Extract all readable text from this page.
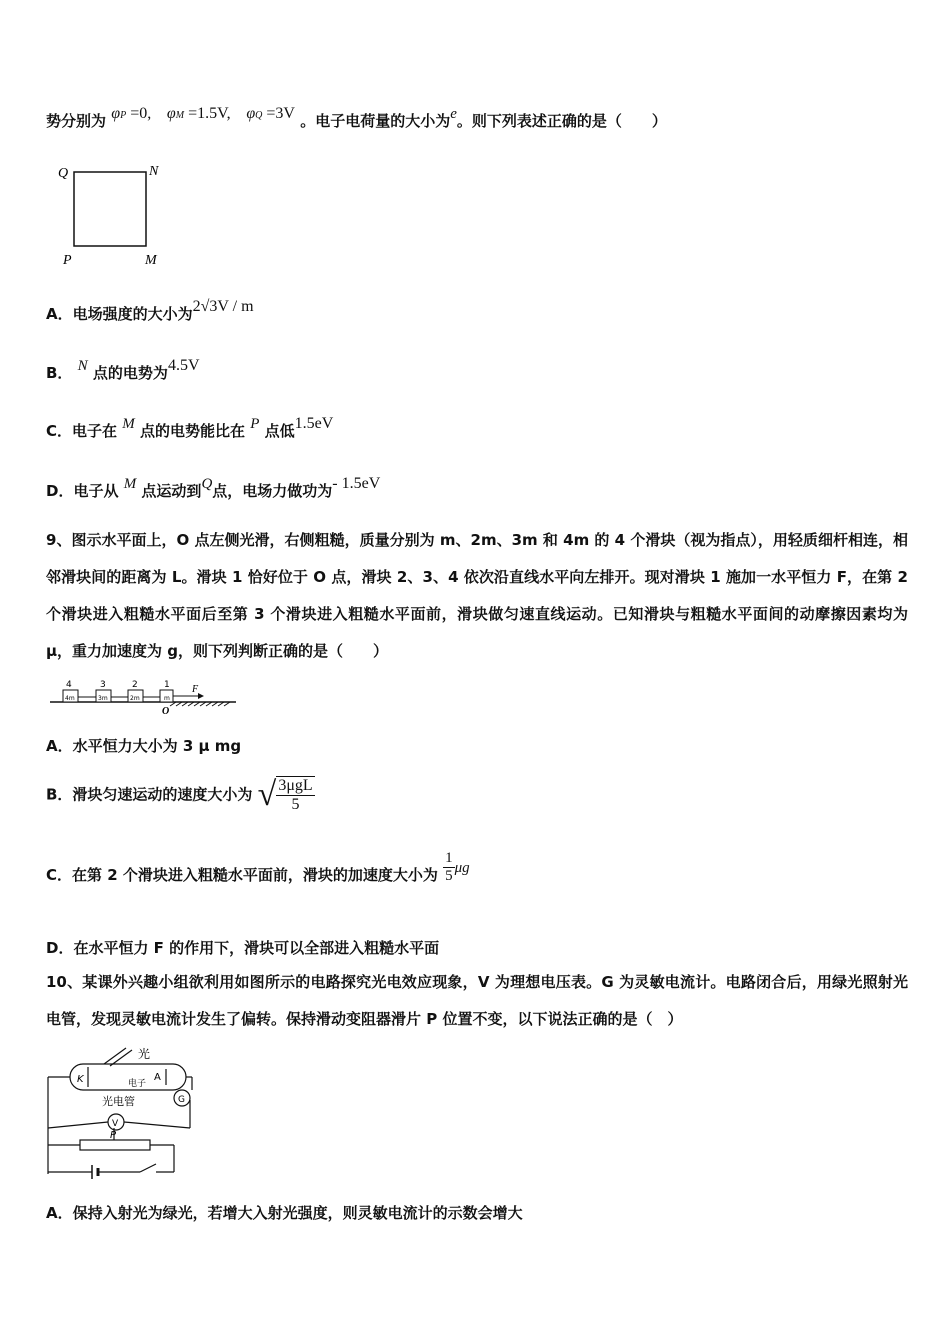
势分别为 φP =0, φM =1.5V, φQ =3V 。电子电荷量的大小为e。则下列表述正确的是（　　）
Q	N
P	M
A．电场强度的大小为2√3V / m
B． N 点的电势为4.5V
C．电子在 M 点的电势能比在 P 点低1.5eV
D．电子从 M 点运动到Q点，电场力做功为- 1.5eV
9、图示水平面上，O 点左侧光滑，右侧粗糙，质量分别为 m、2m、3m 和 4m 的 4 个滑块（视为指点），用轻质细杆相连，相邻滑块间的距离为 L。滑块 1 恰好位于 O 点，滑块 2、3、4 依次沿直线水平向左排开。现对滑块 1 施加一水平恒力 F，在第 2 个滑块进入粗糙水平面后至第 3 个滑块进入粗糙水平面前，滑块做匀速直线运动。已知滑块与粗糙水平面间的动摩擦因素均为 μ，重力加速度为 g，则下列判断正确的是（　　）
4	3	2	1
4m	3m	2m	m
F
O
A．水平恒力大小为 3 μ mg
B．滑块匀速运动的速度大小为 √ $\frac{\text{3μgL}}{5}$
C．在第 2 个滑块进入粗糙水平面前，滑块的加速度大小为 $\frac{1}{5}$ μg
D．在水平恒力 F 的作用下，滑块可以全部进入粗糙水平面
10、某课外兴趣小组欲利用如图所示的电路探究光电效应现象，V 为理想电压表。G 为灵敏电流计。电路闭合后，用绿光照射光电管，发现灵敏电流计发生了偏转。保持滑动变阻器滑片 P 位置不变，以下说法正确的是（　）
光
K	电子
A
光电管	G
V
P
A．保持入射光为绿光，若增大入射光强度，则灵敏电流计的示数会增大
